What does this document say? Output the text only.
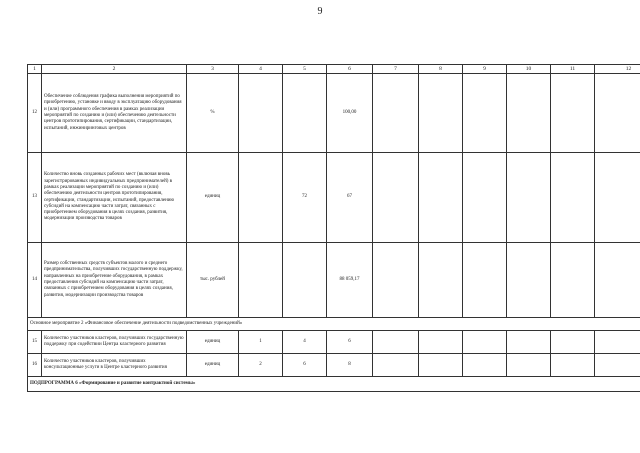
9
1	2	3	4	5	6	7	8	9	10	11	12
12	Обеспечение соблюдения графика выполнения мероприятий по приобретению, установке и вводу в эксплуатацию оборудования и (или) программного обеспечения в рамках реализации мероприятий по созданию и (или) обеспечению деятельности центров прототипирования, сертификации, стандартизации, испытаний, инжиниринговых центров	%			100,00						
13	Количество вновь созданных рабочих мест (включая вновь зарегистрированных индивидуальных предпринимателей) в рамках реализации мероприятий по созданию и (или) обеспечению деятельности центров прототипирования, сертификации, стандартизации, испытаний, предоставлению субсидий на компенсацию части затрат, связанных с приобретением оборудования в целях создания, развития, модернизации производства товаров	единиц		72	67						
14	Размер собственных средств субъектов малого и среднего предпринимательства, получивших государственную поддержку, направленных на приобретение оборудования, в рамках предоставления субсидий на компенсацию части затрат, связанных с приобретением оборудования в целях создания, развития, модернизации производства товаров	тыс. рублей			88 059,17						
Основное мероприятие 2 «Финансовое обеспечение деятельности подведомственных учреждений»											
15	Количество участников кластеров, получивших государственную поддержку при содействии Центра кластерного развития	единиц	1	4	6						
16	Количество участников кластеров, получивших консультационные услуги в Центре кластерного развития	единиц	2	6	8						
ПОДПРОГРАММА 6 «Формирование и развитие контрактной системы»											
